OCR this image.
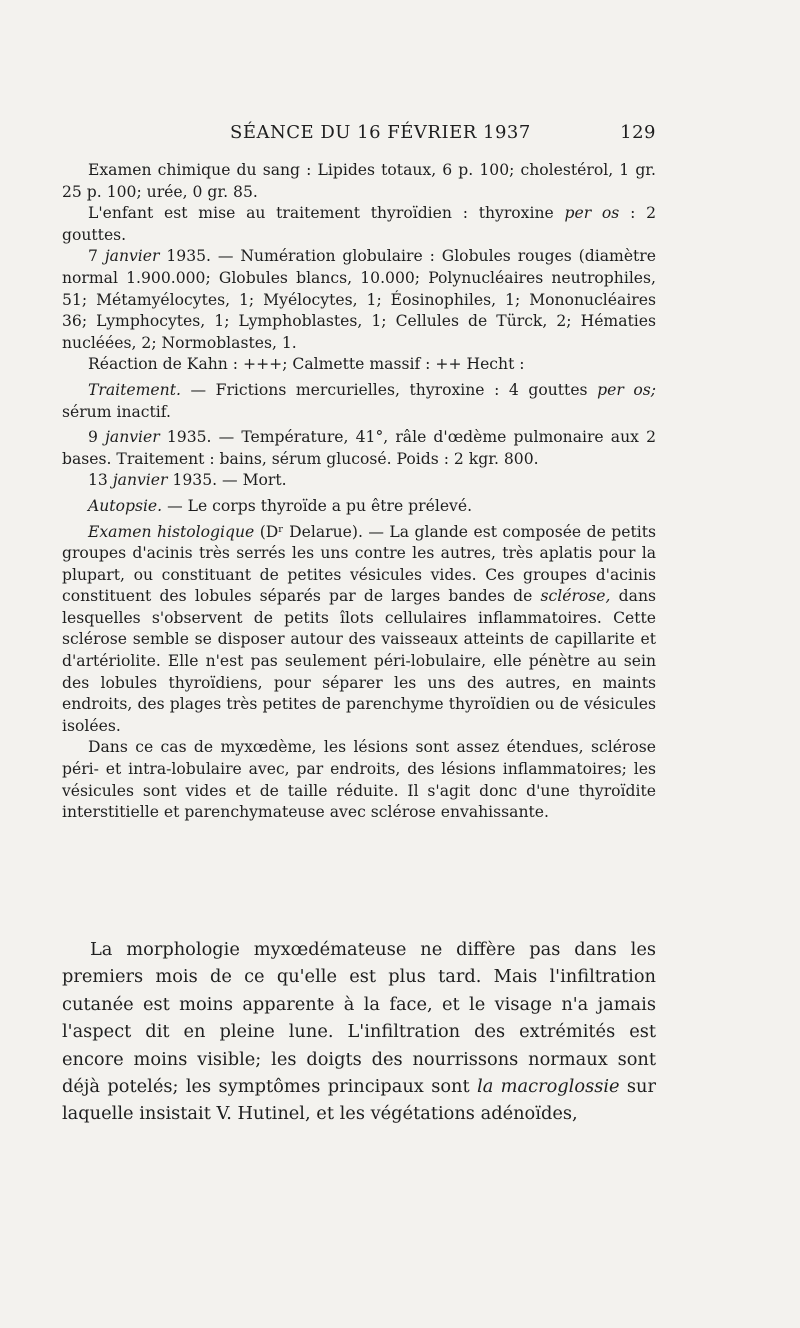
SÉANCE DU 16 FÉVRIER 1937	129

Examen chimique du sang : Lipides totaux, 6 p. 100; cholestérol, 1 gr. 25 p. 100; urée, 0 gr. 85.

L'enfant est mise au traitement thyroïdien : thyroxine per os : 2 gouttes.

7 janvier 1935. — Numération globulaire : Globules rouges (diamètre normal 1.900.000; Globules blancs, 10.000; Polynucléaires neutrophiles, 51; Métamyélocytes, 1; Myélocytes, 1; Éosinophiles, 1; Mononucléaires 36; Lymphocytes, 1; Lymphoblastes, 1; Cellules de Türck, 2; Hématies nucléées, 2; Normoblastes, 1.

Réaction de Kahn : +++; Calmette massif : ++ Hecht :

Traitement. — Frictions mercurielles, thyroxine : 4 gouttes per os; sérum inactif.

9 janvier 1935. — Température, 41°, râle d'œdème pulmonaire aux 2 bases. Traitement : bains, sérum glucosé. Poids : 2 kgr. 800.

13 janvier 1935. — Mort.

Autopsie. — Le corps thyroïde a pu être prélevé.

Examen histologique (Dʳ Delarue). — La glande est composée de petits groupes d'acinis très serrés les uns contre les autres, très aplatis pour la plupart, ou constituant de petites vésicules vides. Ces groupes d'acinis constituent des lobules séparés par de larges bandes de sclérose, dans lesquelles s'observent de petits îlots cellulaires inflammatoires. Cette sclérose semble se disposer autour des vaisseaux atteints de capillarite et d'artériolite. Elle n'est pas seulement péri-lobulaire, elle pénètre au sein des lobules thyroïdiens, pour séparer les uns des autres, en maints endroits, des plages très petites de parenchyme thyroïdien ou de vésicules isolées.

Dans ce cas de myxœdème, les lésions sont assez étendues, sclérose péri- et intra-lobulaire avec, par endroits, des lésions inflammatoires; les vésicules sont vides et de taille réduite. Il s'agit donc d'une thyroïdite interstitielle et parenchymateuse avec sclérose envahissante.

La morphologie myxœdémateuse ne diffère pas dans les premiers mois de ce qu'elle est plus tard. Mais l'infiltration cutanée est moins apparente à la face, et le visage n'a jamais l'aspect dit en pleine lune. L'infiltration des extrémités est encore moins visible; les doigts des nourrissons normaux sont déjà potelés; les symptômes principaux sont la macroglossie sur laquelle insistait V. Hutinel, et les végétations adénoïdes,
